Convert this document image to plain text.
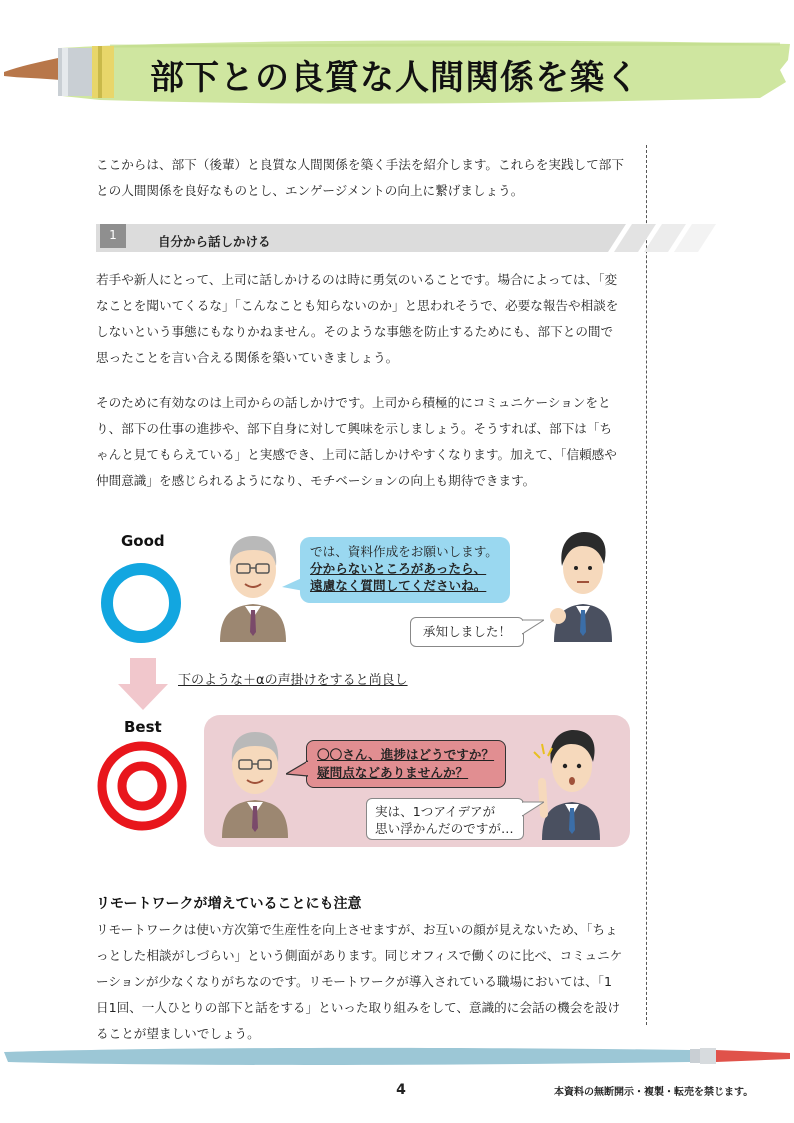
部下との良質な人間関係を築く
ここからは、部下（後輩）と良質な人間関係を築く手法を紹介します。これらを実践して部下との人間関係を良好なものとし、エンゲージメントの向上に繋げましょう。
1	自分から話しかける
若手や新人にとって、上司に話しかけるのは時に勇気のいることです。場合によっては、「変なことを聞いてくるな」「こんなことも知らないのか」と思われそうで、必要な報告や相談をしないという事態にもなりかねません。そのような事態を防止するためにも、部下との間で思ったことを言い合える関係を築いていきましょう。
そのために有効なのは上司からの話しかけです。上司から積極的にコミュニケーションをとり、部下の仕事の進捗や、部下自身に対して興味を示しましょう。そうすれば、部下は「ちゃんと見てもらえている」と実感でき、上司に話しかけやすくなります。加えて、「信頼感や仲間意識」を感じられるようになり、モチベーションの向上も期待できます。
Good
では、資料作成をお願いします。
分からないところがあったら、
遠慮なく質問してくださいね。
承知しました！
下のような＋αの声掛けをすると尚良し
Best
〇〇さん、進捗はどうですか？
疑問点などありませんか？
実は、1つアイデアが
思い浮かんだのですが…
リモートワークが増えていることにも注意
リモートワークは使い方次第で生産性を向上させますが、お互いの顔が見えないため、「ちょっとした相談がしづらい」という側面があります。同じオフィスで働くのに比べ、コミュニケーションが少なくなりがちなのです。リモートワークが導入されている職場においては、「1日1回、一人ひとりの部下と話をする」といった取り組みをして、意識的に会話の機会を設けることが望ましいでしょう。
4	本資料の無断開示・複製・転売を禁じます。
